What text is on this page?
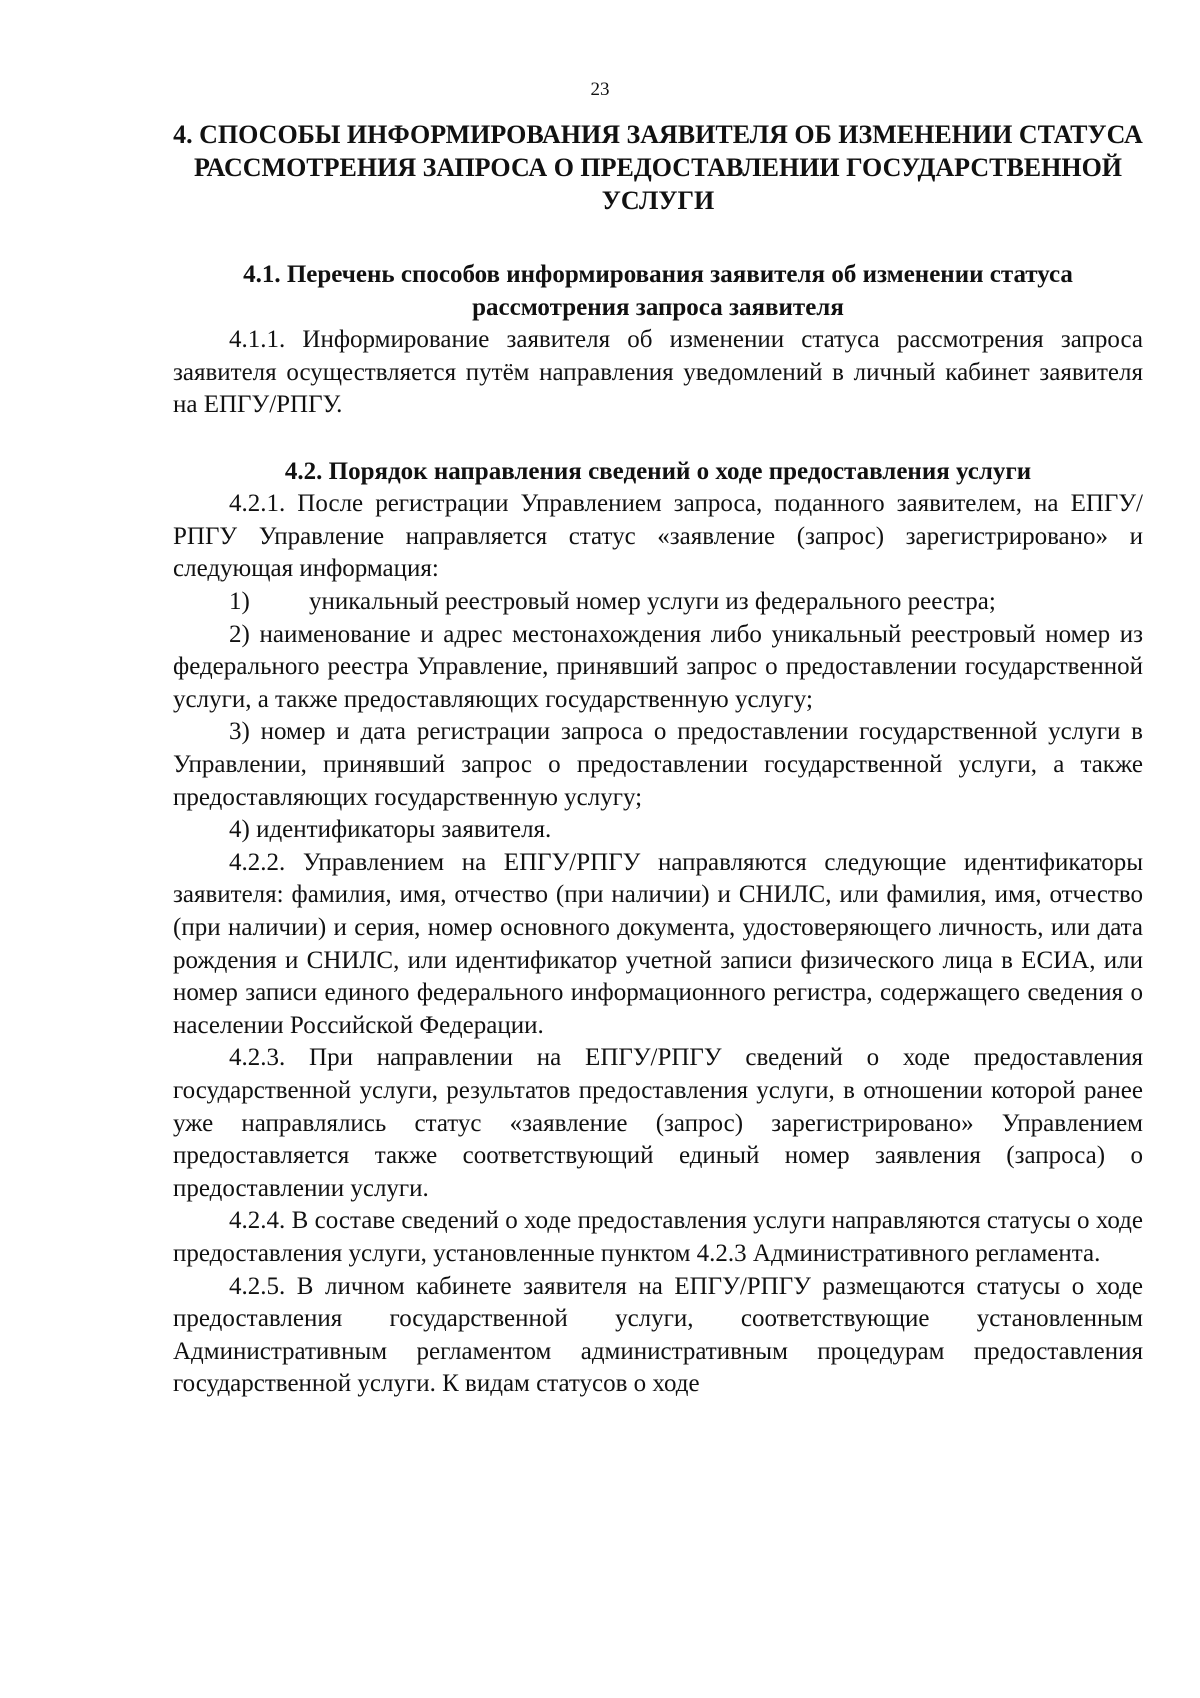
23
4. СПОСОБЫ ИНФОРМИРОВАНИЯ ЗАЯВИТЕЛЯ ОБ ИЗМЕНЕНИИ СТАТУСА РАССМОТРЕНИЯ ЗАПРОСА О ПРЕДОСТАВЛЕНИИ ГОСУДАРСТВЕННОЙ УСЛУГИ
4.1. Перечень способов информирования заявителя об изменении статуса рассмотрения запроса заявителя

4.1.1. Информирование заявителя об изменении статуса рассмотрения запроса заявителя осуществляется путём направления уведомлений в личный кабинет заявителя на ЕПГУ/РПГУ.

4.2. Порядок направления сведений о ходе предоставления услуги

4.2.1. После регистрации Управлением запроса, поданного заявителем, на ЕПГУ/РПГУ Управление направляется статус «заявление (запрос) зарегистрировано» и следующая информация:

1) уникальный реестровый номер услуги из федерального реестра;

2) наименование и адрес местонахождения либо уникальный реестровый номер из федерального реестра Управление, принявший запрос о предоставлении государственной услуги, а также предоставляющих государственную услугу;

3) номер и дата регистрации запроса о предоставлении государственной услуги в Управлении, принявший запрос о предоставлении государственной услуги, а также предоставляющих государственную услугу;

4) идентификаторы заявителя.

4.2.2. Управлением на ЕПГУ/РПГУ направляются следующие идентификаторы заявителя: фамилия, имя, отчество (при наличии) и СНИЛС, или фамилия, имя, отчество (при наличии) и серия, номер основного документа, удостоверяющего личность, или дата рождения и СНИЛС, или идентификатор учетной записи физического лица в ЕСИА, или номер записи единого федерального информационного регистра, содержащего сведения о населении Российской Федерации.

4.2.3. При направлении на ЕПГУ/РПГУ сведений о ходе предоставления государственной услуги, результатов предоставления услуги, в отношении которой ранее уже направлялись статус «заявление (запрос) зарегистрировано» Управлением предоставляется также соответствующий единый номер заявления (запроса) о предоставлении услуги.

4.2.4. В составе сведений о ходе предоставления услуги направляются статусы о ходе предоставления услуги, установленные пунктом 4.2.3 Административного регламента.

4.2.5. В личном кабинете заявителя на ЕПГУ/РПГУ размещаются статусы о ходе предоставления государственной услуги, соответствующие установленным Административным регламентом административным процедурам предоставления государственной услуги. К видам статусов о ходе
